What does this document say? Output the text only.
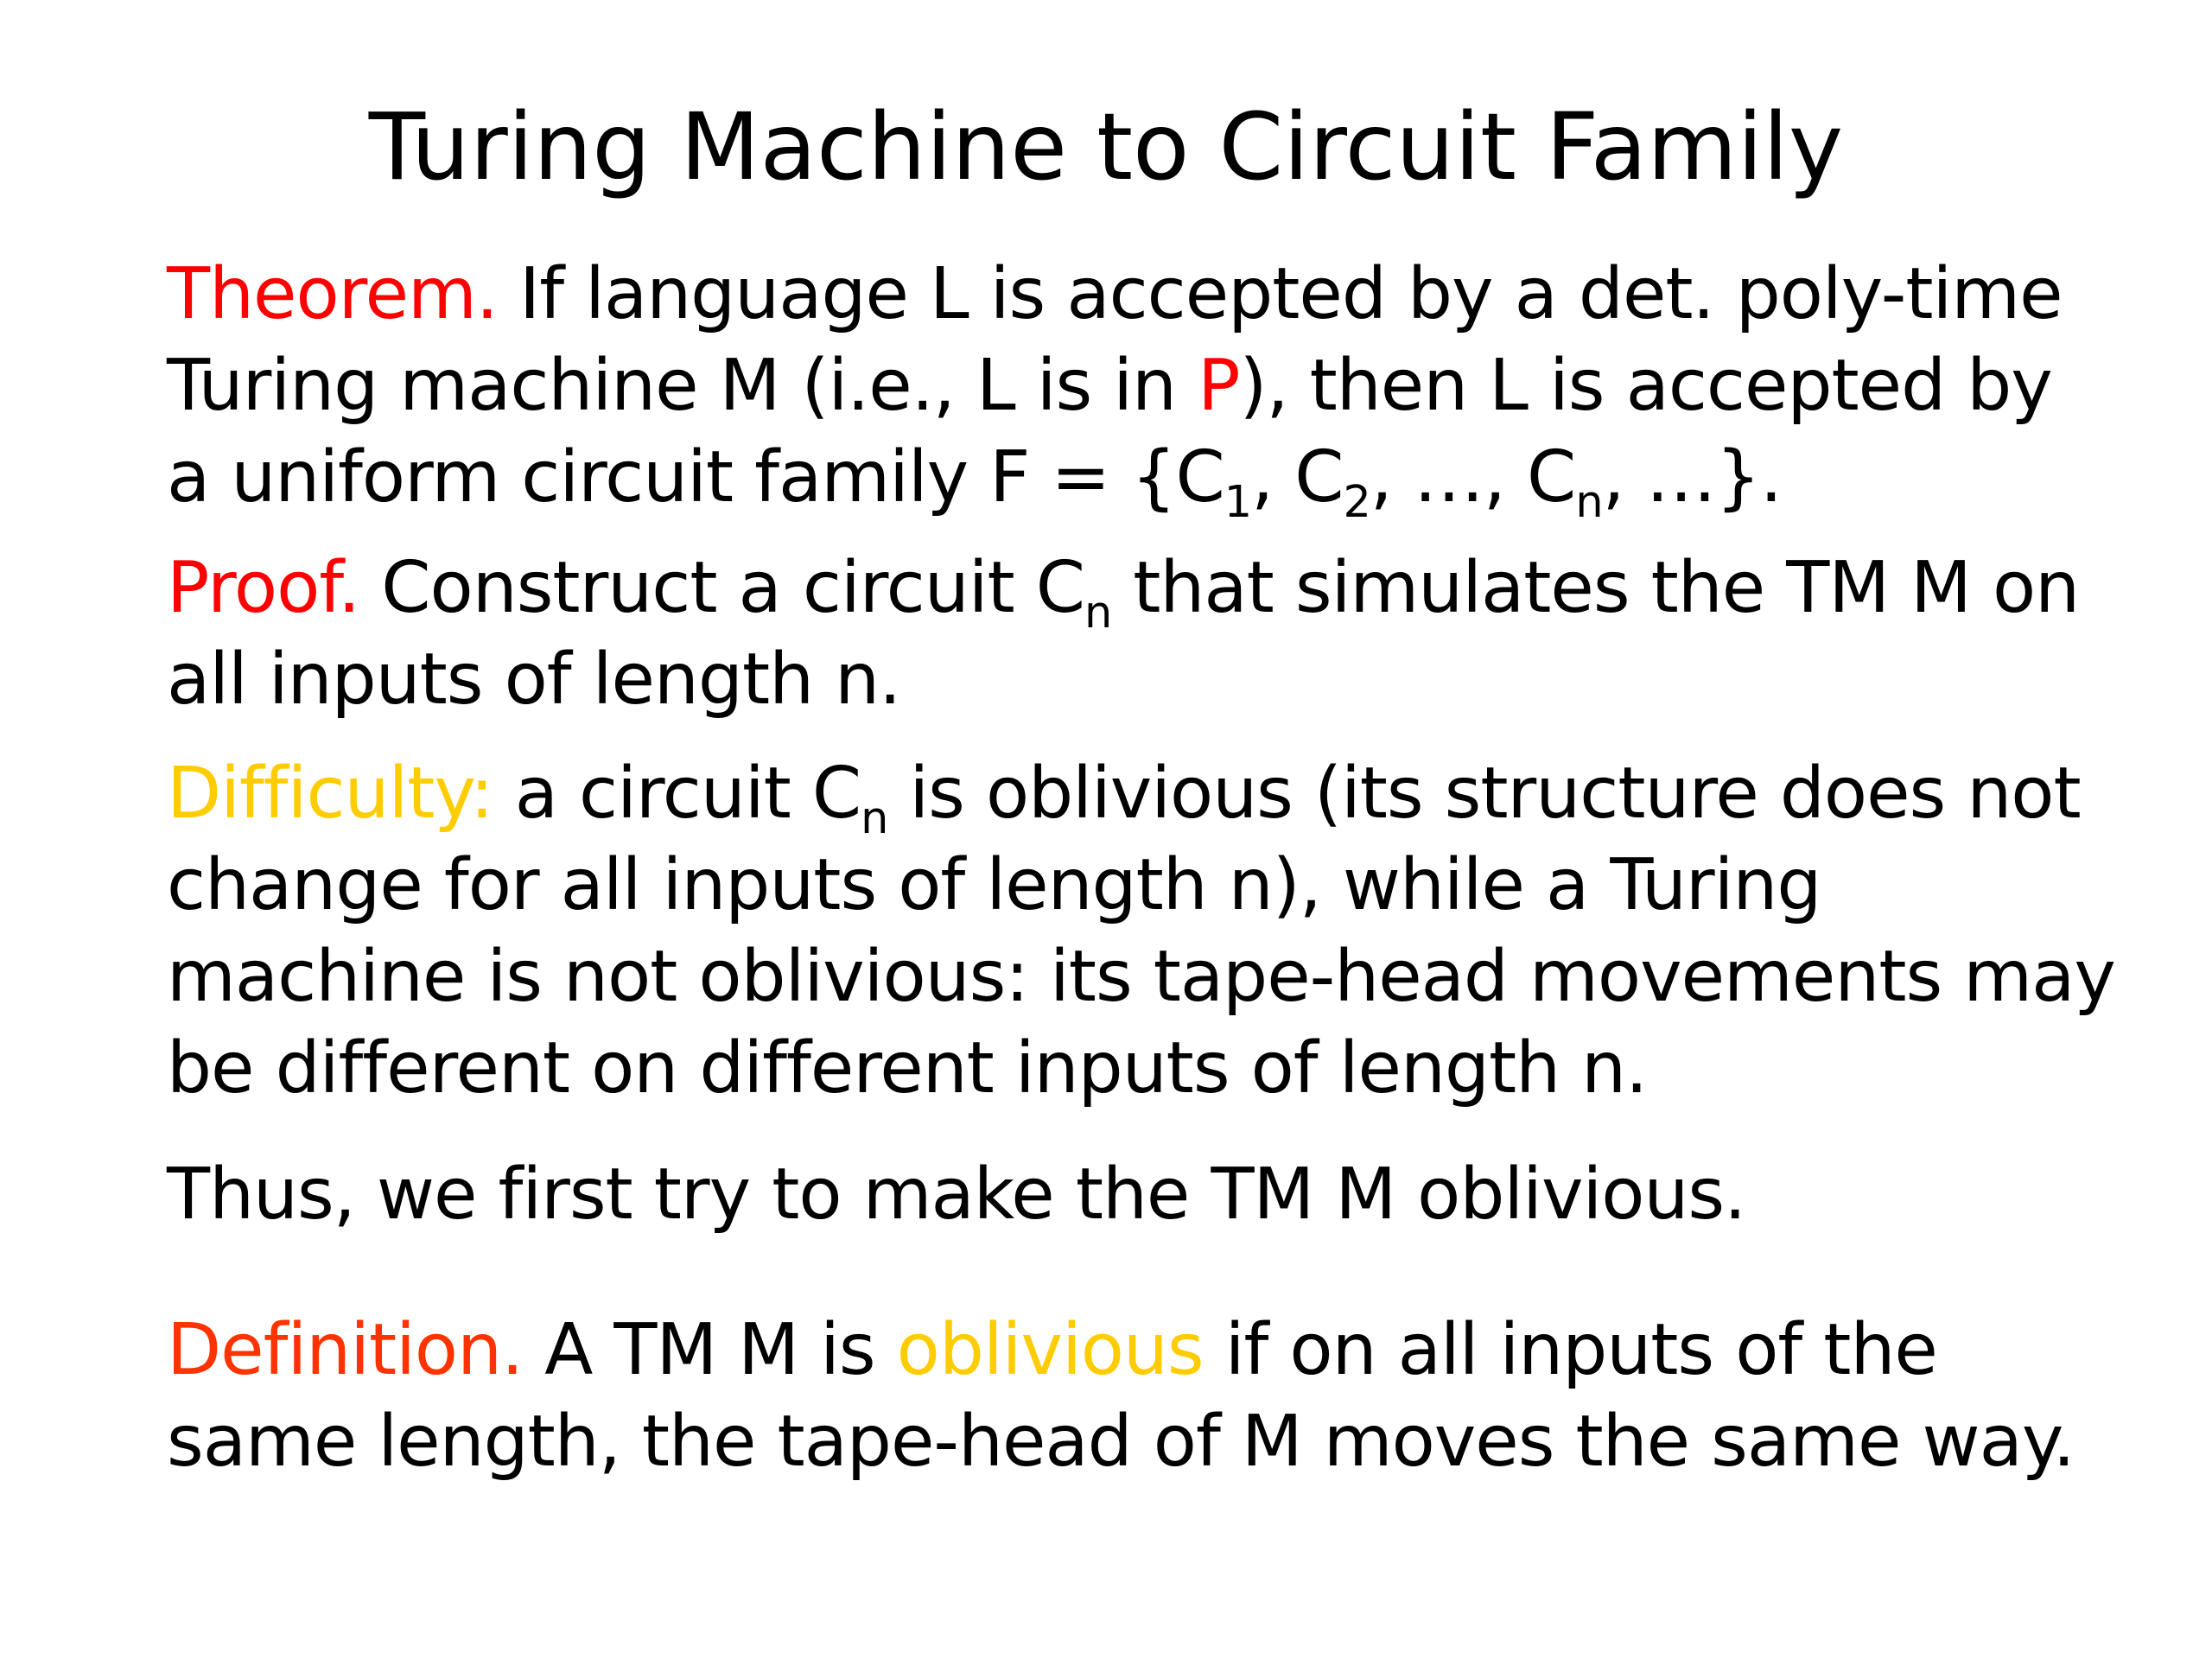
Turing Machine to Circuit Family
Theorem. If language L is accepted by a det. poly-time
Turing machine M (i.e., L is in P), then L is accepted by
a uniform circuit family $F = \{C_1$, $C_2$, …, $C_n$, …}.
Proof. Construct a circuit $C_n$ that simulates the TM M on
all inputs of length n.
Difficulty: a circuit $C_n$ is oblivious (its structure does not
change for all inputs of length n), while a Turing
machine is not oblivious: its tape-head movements may
be different on different inputs of length n.
Thus, we first try to make the TM M oblivious.
Definition. A TM M is oblivious if on all inputs of the
same length, the tape-head of M moves the same way.
